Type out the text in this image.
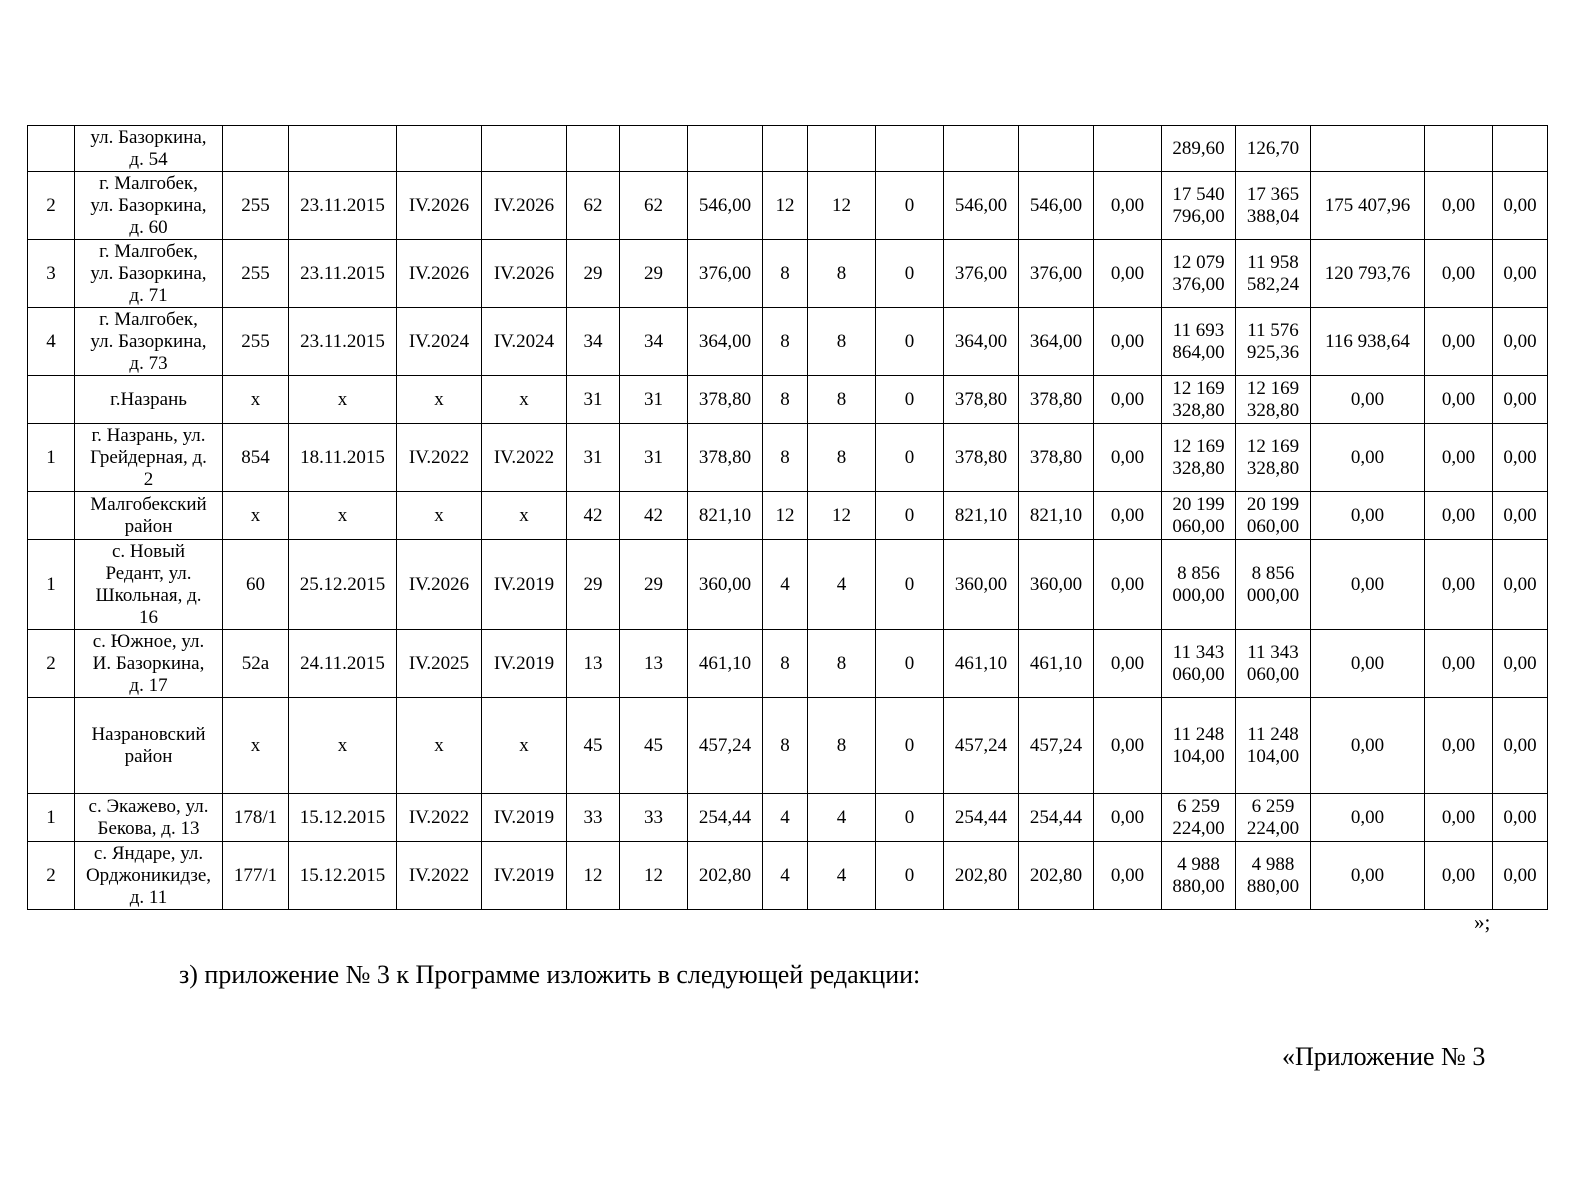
	ул. Базоркина,
д. 54														289,60	126,70			

2	г. Малгобек,
ул. Базоркина,
д. 60	255	23.11.2015	IV.2026	IV.2026	62	62	546,00	12	12	0	546,00	546,00	0,00	17 540
796,00	17 365
388,04	175 407,96	0,00	0,00
3	г. Малгобек,
ул. Базоркина,
д. 71	255	23.11.2015	IV.2026	IV.2026	29	29	376,00	8	8	0	376,00	376,00	0,00	12 079
376,00	11 958
582,24	120 793,76	0,00	0,00
4	г. Малгобек,
ул. Базоркина,
д. 73	255	23.11.2015	IV.2024	IV.2024	34	34	364,00	8	8	0	364,00	364,00	0,00	11 693
864,00	11 576
925,36	116 938,64	0,00	0,00

	г.Назрань	x	x	x	x	31	31	378,80	8	8	0	378,80	378,80	0,00	12 169
328,80	12 169
328,80	0,00	0,00	0,00
1	г. Назрань, ул.
Грейдерная, д.
2	854	18.11.2015	IV.2022	IV.2022	31	31	378,80	8	8	0	378,80	378,80	0,00	12 169
328,80	12 169
328,80	0,00	0,00	0,00

	Малгобекский
район	x	x	x	x	42	42	821,10	12	12	0	821,10	821,10	0,00	20 199
060,00	20 199
060,00	0,00	0,00	0,00
1	с. Новый
Редант, ул.
Школьная, д.
16	60	25.12.2015	IV.2026	IV.2019	29	29	360,00	4	4	0	360,00	360,00	0,00	8 856
000,00	8 856
000,00	0,00	0,00	0,00
2	с. Южное, ул.
И. Базоркина,
д. 17	52а	24.11.2015	IV.2025	IV.2019	13	13	461,10	8	8	0	461,10	461,10	0,00	11 343
060,00	11 343
060,00	0,00	0,00	0,00

	Назрановский
район	x	x	x	x	45	45	457,24	8	8	0	457,24	457,24	0,00	11 248
104,00	11 248
104,00	0,00	0,00	0,00
1	с. Экажево, ул.
Бекова, д. 13	178/1	15.12.2015	IV.2022	IV.2019	33	33	254,44	4	4	0	254,44	254,44	0,00	6 259
224,00	6 259
224,00	0,00	0,00	0,00
2	с. Яндаре, ул.
Орджоникидзе,
д. 11	177/1	15.12.2015	IV.2022	IV.2019	12	12	202,80	4	4	0	202,80	202,80	0,00	4 988
880,00	4 988
880,00	0,00	0,00	0,00
»;
з) приложение № 3 к Программе изложить в следующей редакции:
«Приложение № 3
